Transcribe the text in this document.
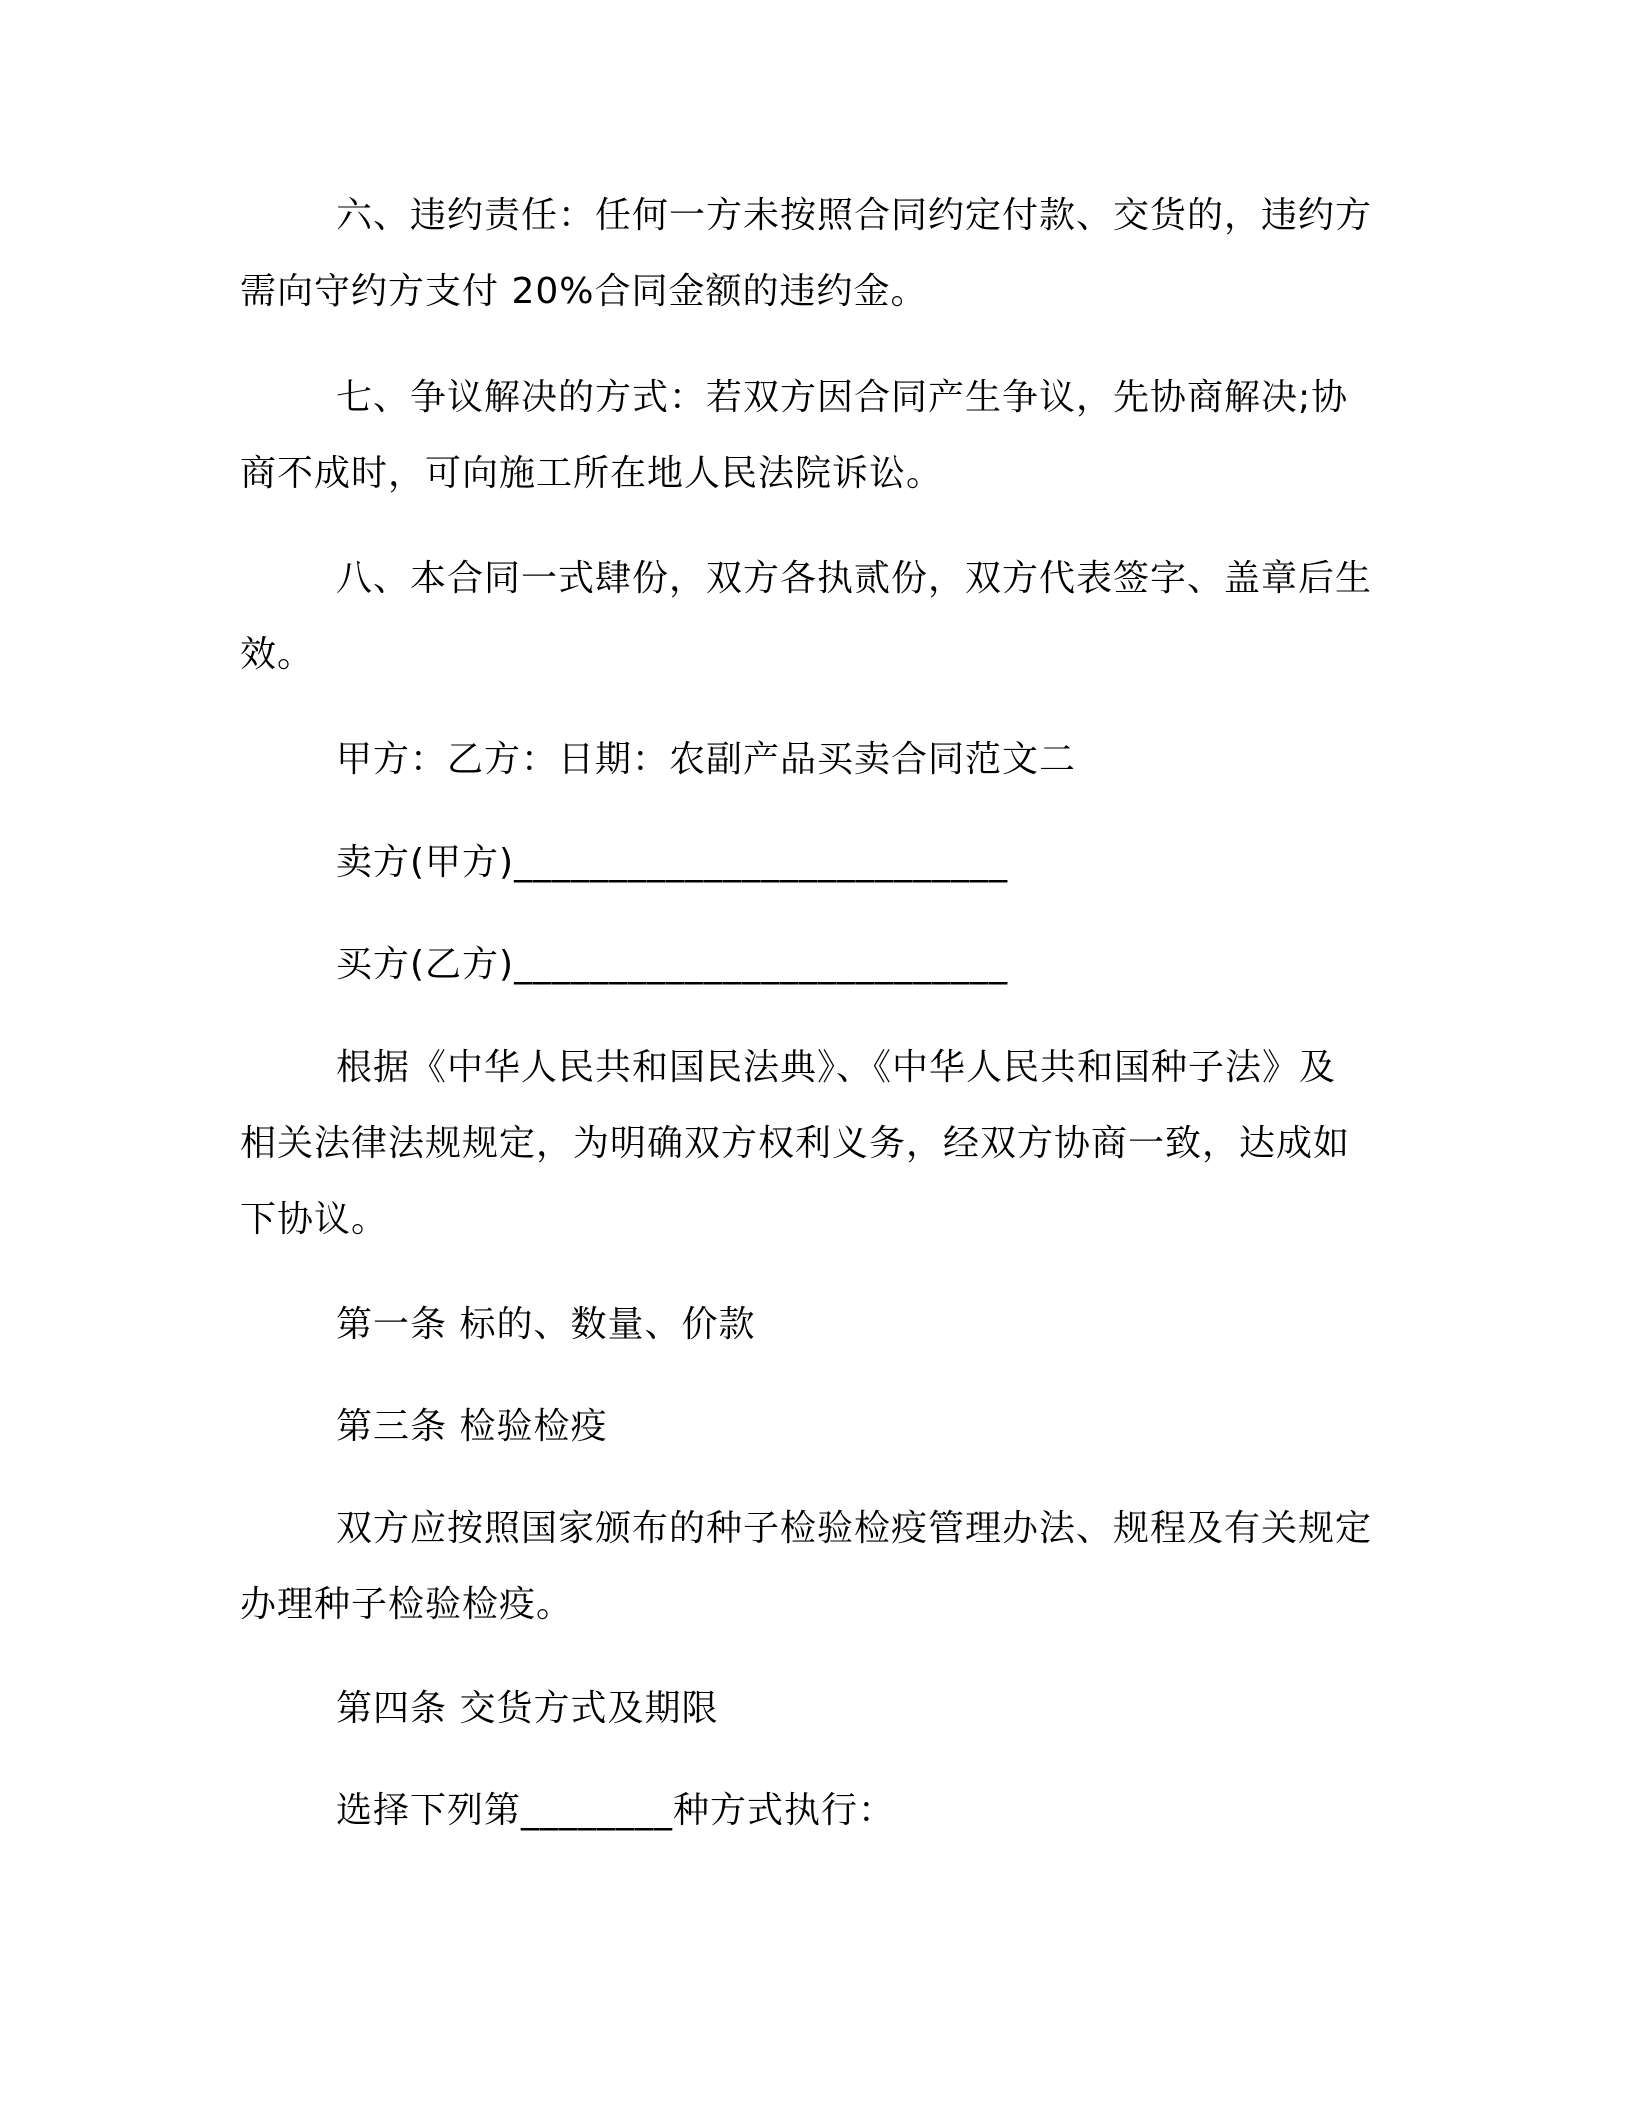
六、违约责任：任何一方未按照合同约定付款、交货的，违约方
需向守约方支付 20%合同金额的违约金。
七、争议解决的方式：若双方因合同产生争议，先协商解决;协
商不成时，可向施工所在地人民法院诉讼。
八、本合同一式肆份，双方各执贰份，双方代表签字、盖章后生
效。
甲方：乙方：日期：农副产品买卖合同范文二
卖方(甲方)__________________________
买方(乙方)__________________________
根据《中华人民共和国民法典》、《中华人民共和国种子法》及
相关法律法规规定，为明确双方权利义务，经双方协商一致，达成如
下协议。
第一条 标的、数量、价款
第三条 检验检疫
双方应按照国家颁布的种子检验检疫管理办法、规程及有关规定
办理种子检验检疫。
第四条 交货方式及期限
选择下列第________种方式执行：
